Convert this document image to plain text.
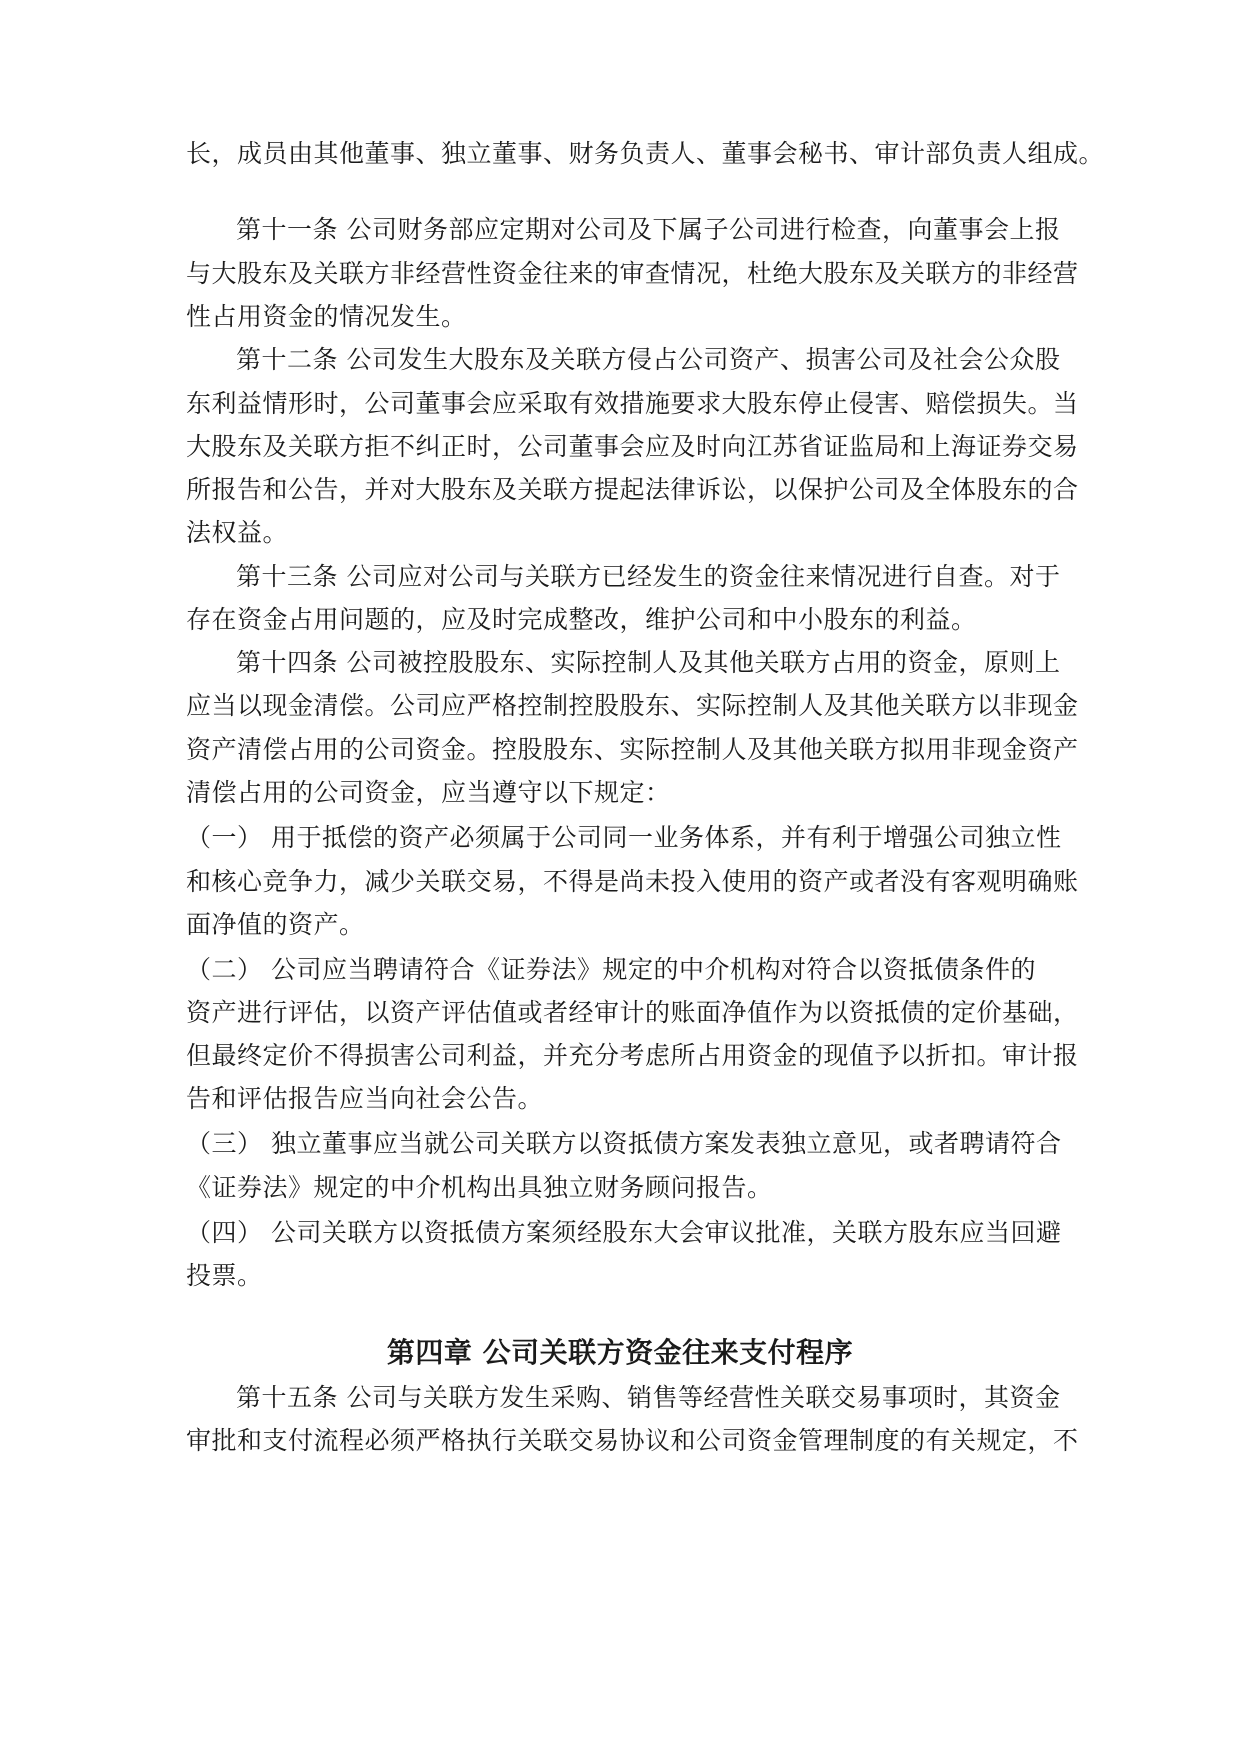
长，成员由其他董事、独立董事、财务负责人、董事会秘书、审计部负责人组成。

第十一条 公司财务部应定期对公司及下属子公司进行检查，向董事会上报

与大股东及关联方非经营性资金往来的审查情况，杜绝大股东及关联方的非经营

性占用资金的情况发生。

第十二条 公司发生大股东及关联方侵占公司资产、损害公司及社会公众股

东利益情形时，公司董事会应采取有效措施要求大股东停止侵害、赔偿损失。当

大股东及关联方拒不纠正时，公司董事会应及时向江苏省证监局和上海证券交易

所报告和公告，并对大股东及关联方提起法律诉讼，以保护公司及全体股东的合

法权益。

第十三条 公司应对公司与关联方已经发生的资金往来情况进行自查。对于

存在资金占用问题的，应及时完成整改，维护公司和中小股东的利益。

第十四条 公司被控股股东、实际控制人及其他关联方占用的资金，原则上

应当以现金清偿。公司应严格控制控股股东、实际控制人及其他关联方以非现金

资产清偿占用的公司资金。控股股东、实际控制人及其他关联方拟用非现金资产

清偿占用的公司资金，应当遵守以下规定：

（一） 用于抵偿的资产必须属于公司同一业务体系，并有利于增强公司独立性

和核心竞争力，减少关联交易，不得是尚未投入使用的资产或者没有客观明确账

面净值的资产。

（二） 公司应当聘请符合《证券法》规定的中介机构对符合以资抵债条件的

资产进行评估，以资产评估值或者经审计的账面净值作为以资抵债的定价基础，

但最终定价不得损害公司利益，并充分考虑所占用资金的现值予以折扣。审计报

告和评估报告应当向社会公告。

（三） 独立董事应当就公司关联方以资抵债方案发表独立意见，或者聘请符合

《证券法》规定的中介机构出具独立财务顾问报告。

（四） 公司关联方以资抵债方案须经股东大会审议批准，关联方股东应当回避

投票。

第四章 公司关联方资金往来支付程序

第十五条 公司与关联方发生采购、销售等经营性关联交易事项时，其资金

审批和支付流程必须严格执行关联交易协议和公司资金管理制度的有关规定，不
